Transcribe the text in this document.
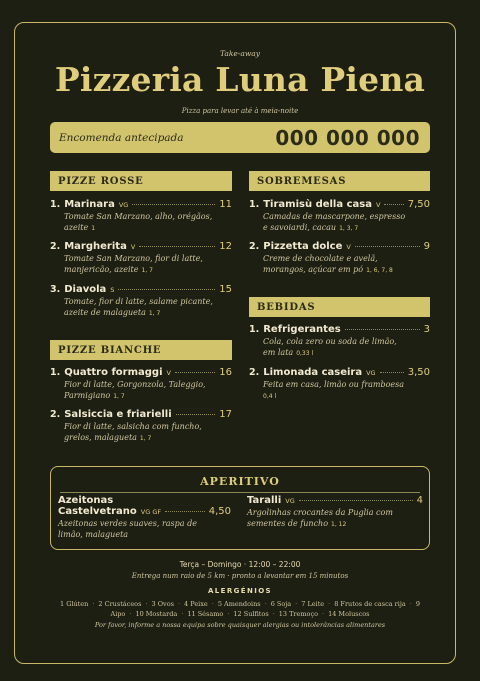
Take-away
Pizzeria Luna Piena
Pizza para levar até à meia-noite
Encomenda antecipada	000 000 000
PIZZE ROSSE
1. Marinara VG	11
Tomate San Marzano, alho, orégãos,
azeite 1
2. Margherita V	12
Tomate San Marzano, fior di latte,
manjericão, azeite 1, 7
3. Diavola S	15
Tomate, fior di latte, salame picante,
azeite de malagueta 1, 7
PIZZE BIANCHE
1. Quattro formaggi V	16
Fior di latte, Gorgonzola, Taleggio,
Parmigiano 1, 7
2. Salsiccia e friarielli	17
Fior di latte, salsicha com funcho,
grelos, malagueta 1, 7
SOBREMESAS
1. Tiramisù della casa V	7,50
Camadas de mascarpone, espresso
e savoiardi, cacau 1, 3, 7
2. Pizzetta dolce V	9
Creme de chocolate e avelã,
morangos, açúcar em pó 1, 6, 7, 8
BEBIDAS
1. Refrigerantes	3
Cola, cola zero ou soda de limão,
em lata 0,33 l
2. Limonada caseira VG	3,50
Feita em casa, limão ou framboesa
0,4 l
APERITIVO
Azeitonas
Castelvetrano VG GF	4,50
Azeitonas verdes suaves, raspa de
limão, malagueta
Taralli VG	4
Argolinhas crocantes da Puglia com
sementes de funcho 1, 12
Terça – Domingo · 12:00 – 22:00
Entrega num raio de 5 km · pronto a levantar em 15 minutos
ALERGÉNIOS
1 Glúten · 2 Crustáceos · 3 Ovos · 4 Peixe · 5 Amendoins · 6 Soja · 7 Leite · 8 Frutos de casca rija · 9 Aipo · 10 Mostarda · 11 Sésamo · 12 Sulfitos · 13 Tremoço · 14 Moluscos
Por favor, informe a nossa equipa sobre quaisquer alergias ou intolerâncias alimentares
